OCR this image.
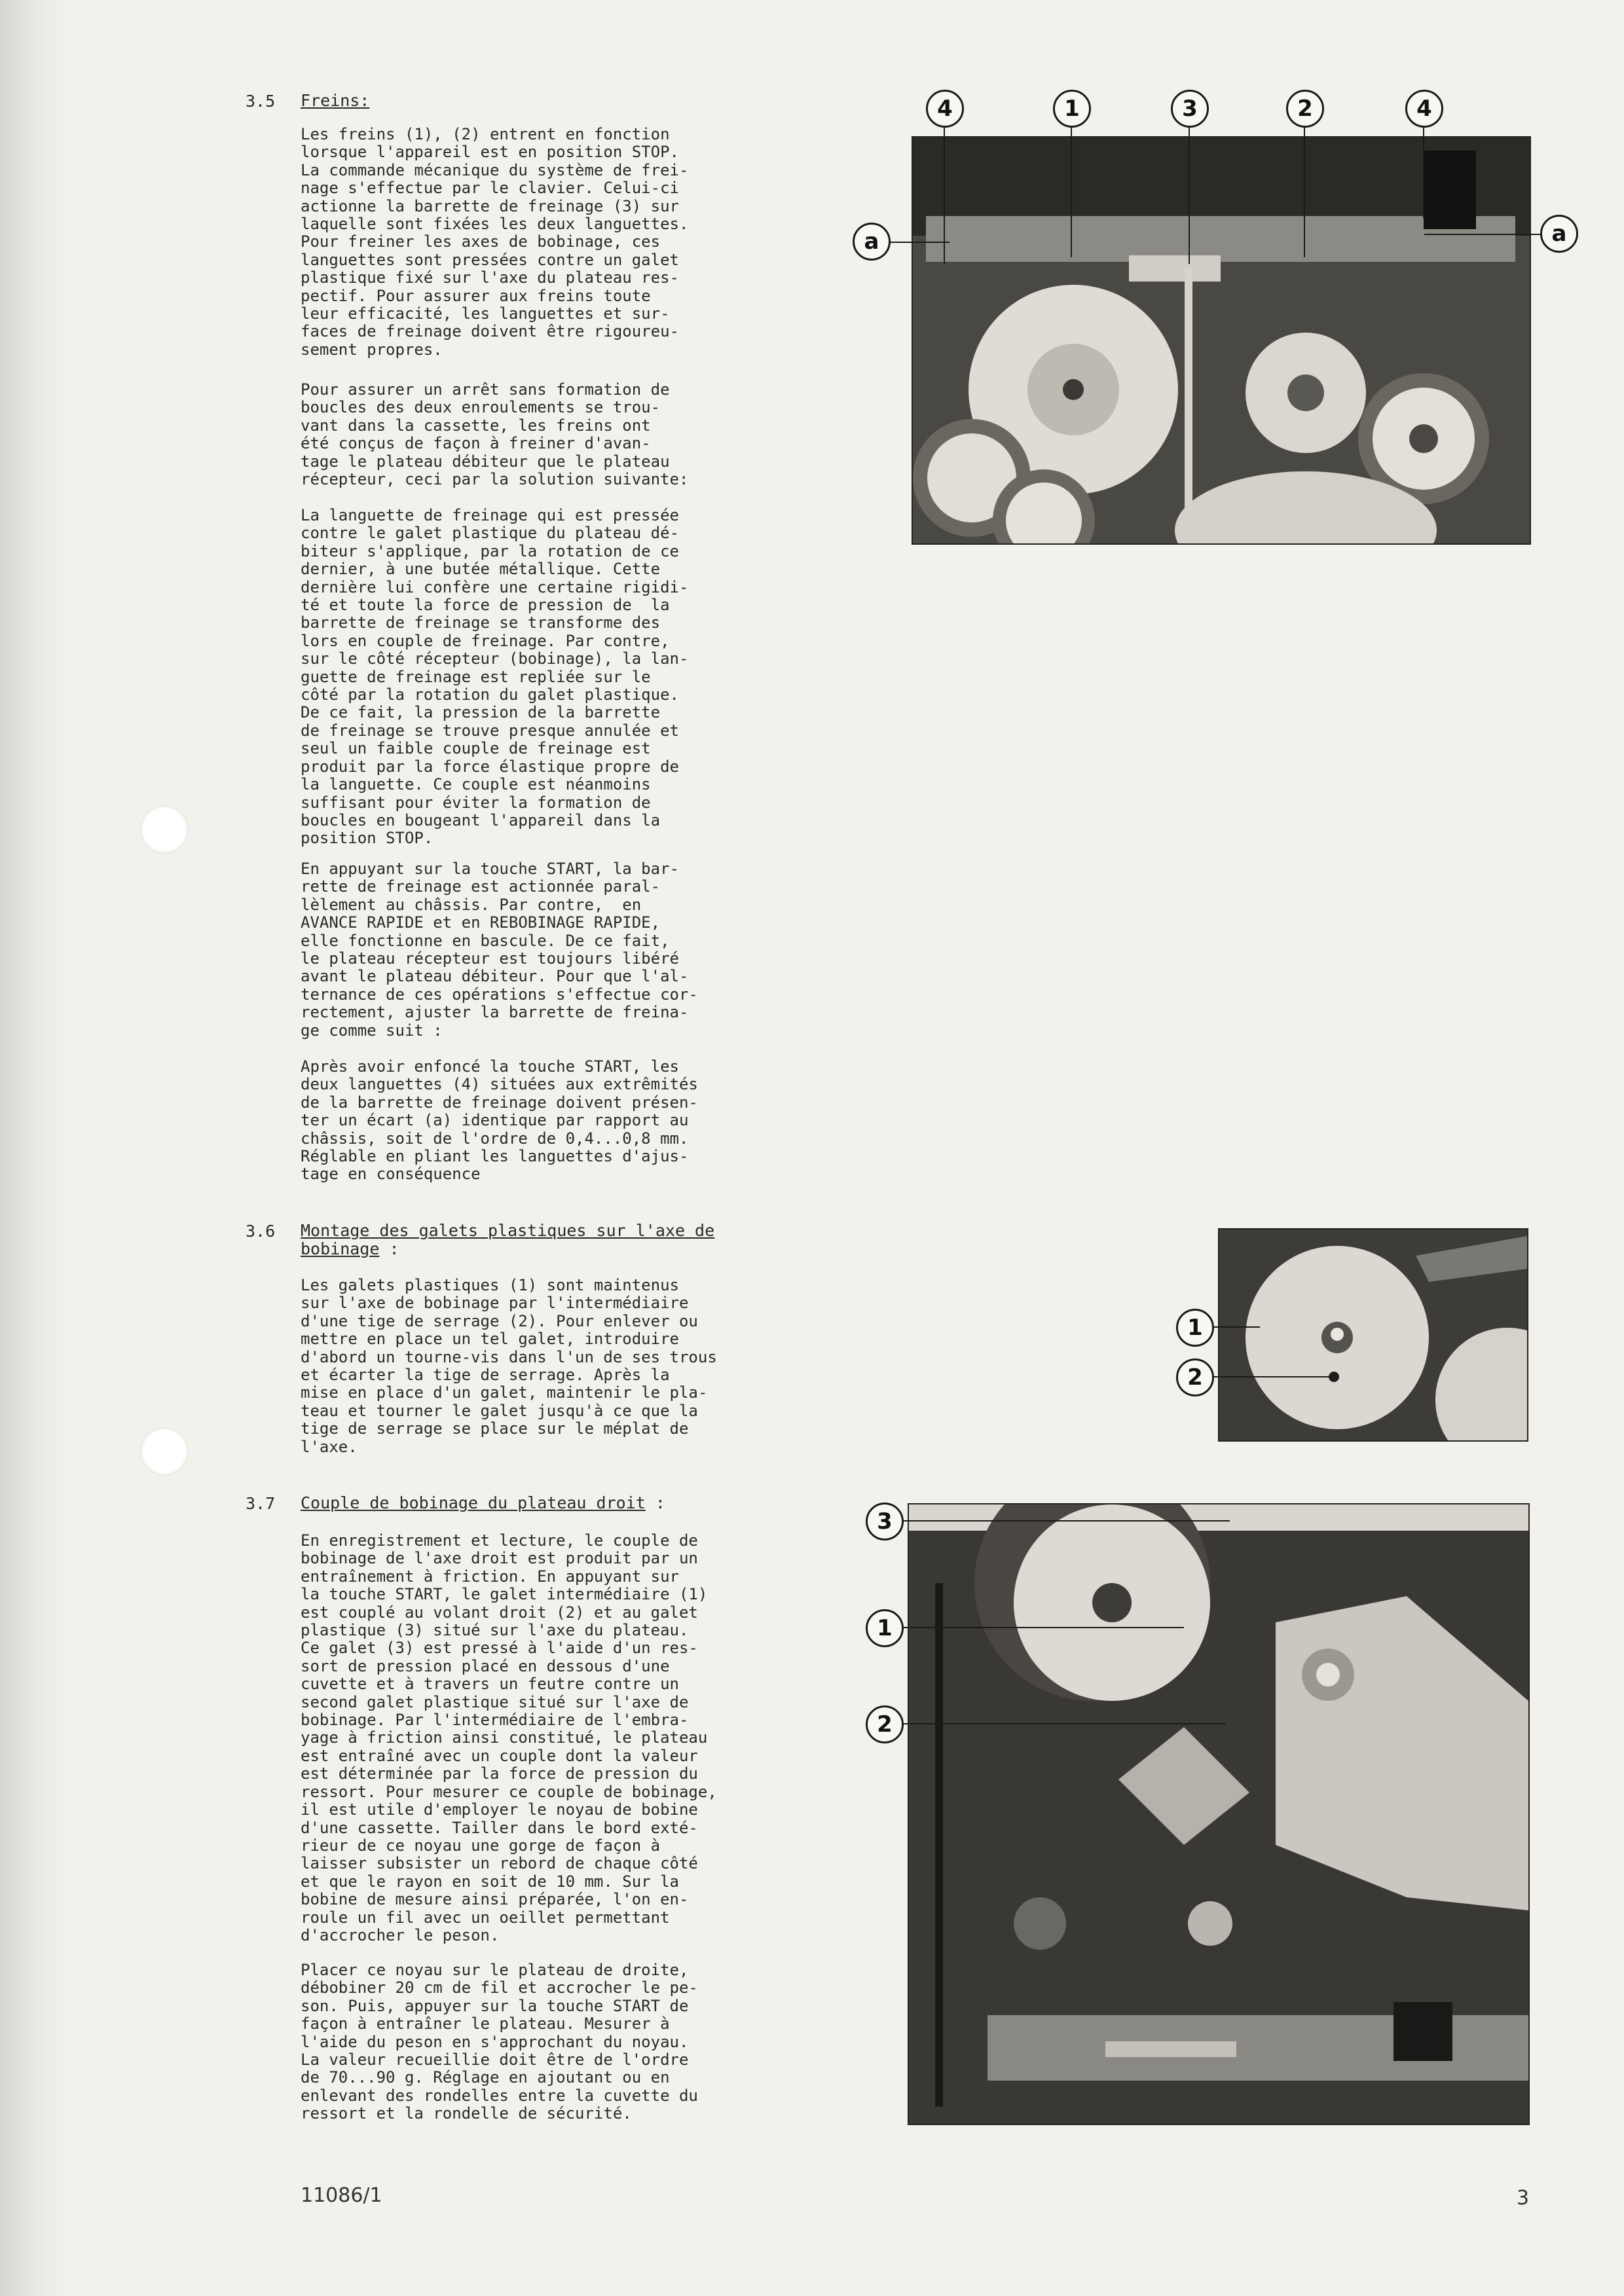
3.5 Freins:
Les freins (1), (2) entrent en fonction
lorsque l'appareil est en position STOP.
La commande mécanique du système de frei-
nage s'effectue par le clavier. Celui-ci
actionne la barrette de freinage (3) sur
laquelle sont fixées les deux languettes.
Pour freiner les axes de bobinage, ces
languettes sont pressées contre un galet
plastique fixé sur l'axe du plateau res-
pectif. Pour assurer aux freins toute
leur efficacité, les languettes et sur-
faces de freinage doivent être rigoureu-
sement propres.
Pour assurer un arrêt sans formation de
boucles des deux enroulements se trou-
vant dans la cassette, les freins ont
été conçus de façon à freiner d'avan-
tage le plateau débiteur que le plateau
récepteur, ceci par la solution suivante:
La languette de freinage qui est pressée
contre le galet plastique du plateau dé-
biteur s'applique, par la rotation de ce
dernier, à une butée métallique. Cette
dernière lui confère une certaine rigidi-
té et toute la force de pression de  la
barrette de freinage se transforme des
lors en couple de freinage. Par contre,
sur le côté récepteur (bobinage), la lan-
guette de freinage est repliée sur le
côté par la rotation du galet plastique.
De ce fait, la pression de la barrette
de freinage se trouve presque annulée et
seul un faible couple de freinage est
produit par la force élastique propre de
la languette. Ce couple est néanmoins
suffisant pour éviter la formation de
boucles en bougeant l'appareil dans la
position STOP.
En appuyant sur la touche START, la bar-
rette de freinage est actionnée paral-
lèlement au châssis. Par contre,  en
AVANCE RAPIDE et en REBOBINAGE RAPIDE,
elle fonctionne en bascule. De ce fait,
le plateau récepteur est toujours libéré
avant le plateau débiteur. Pour que l'al-
ternance de ces opérations s'effectue cor-
rectement, ajuster la barrette de freina-
ge comme suit :
Après avoir enfoncé la touche START, les
deux languettes (4) situées aux extrêmités
de la barrette de freinage doivent présen-
ter un écart (a) identique par rapport au
châssis, soit de l'ordre de 0,4...0,8 mm.
Réglable en pliant les languettes d'ajus-
tage en conséquence
3.6 Montage des galets plastiques sur l'axe de bobinage :
Les galets plastiques (1) sont maintenus
sur l'axe de bobinage par l'intermédiaire
d'une tige de serrage (2). Pour enlever ou
mettre en place un tel galet, introduire
d'abord un tourne-vis dans l'un de ses trous
et écarter la tige de serrage. Après la
mise en place d'un galet, maintenir le pla-
teau et tourner le galet jusqu'à ce que la
tige de serrage se place sur le méplat de
l'axe.
3.7 Couple de bobinage du plateau droit :
En enregistrement et lecture, le couple de
bobinage de l'axe droit est produit par un
entraînement à friction. En appuyant sur
la touche START, le galet intermédiaire (1)
est couplé au volant droit (2) et au galet
plastique (3) situé sur l'axe du plateau.
Ce galet (3) est pressé à l'aide d'un res-
sort de pression placé en dessous d'une
cuvette et à travers un feutre contre un
second galet plastique situé sur l'axe de
bobinage. Par l'intermédiaire de l'embra-
yage à friction ainsi constitué, le plateau
est entraîné avec un couple dont la valeur
est déterminée par la force de pression du
ressort. Pour mesurer ce couple de bobinage,
il est utile d'employer le noyau de bobine
d'une cassette. Tailler dans le bord exté-
rieur de ce noyau une gorge de façon à
laisser subsister un rebord de chaque côté
et que le rayon en soit de 10 mm. Sur la
bobine de mesure ainsi préparée, l'on en-
roule un fil avec un oeillet permettant
d'accrocher le peson.
Placer ce noyau sur le plateau de droite,
débobiner 20 cm de fil et accrocher le pe-
son. Puis, appuyer sur la touche START de
façon à entraîner le plateau. Mesurer à
l'aide du peson en s'approchant du noyau.
La valeur recueillie doit être de l'ordre
de 70...90 g. Réglage en ajoutant ou en
enlevant des rondelles entre la cuvette du
ressort et la rondelle de sécurité.
4	1	3	2	4
a	a
1
2
3
1
2
11086/1	3
